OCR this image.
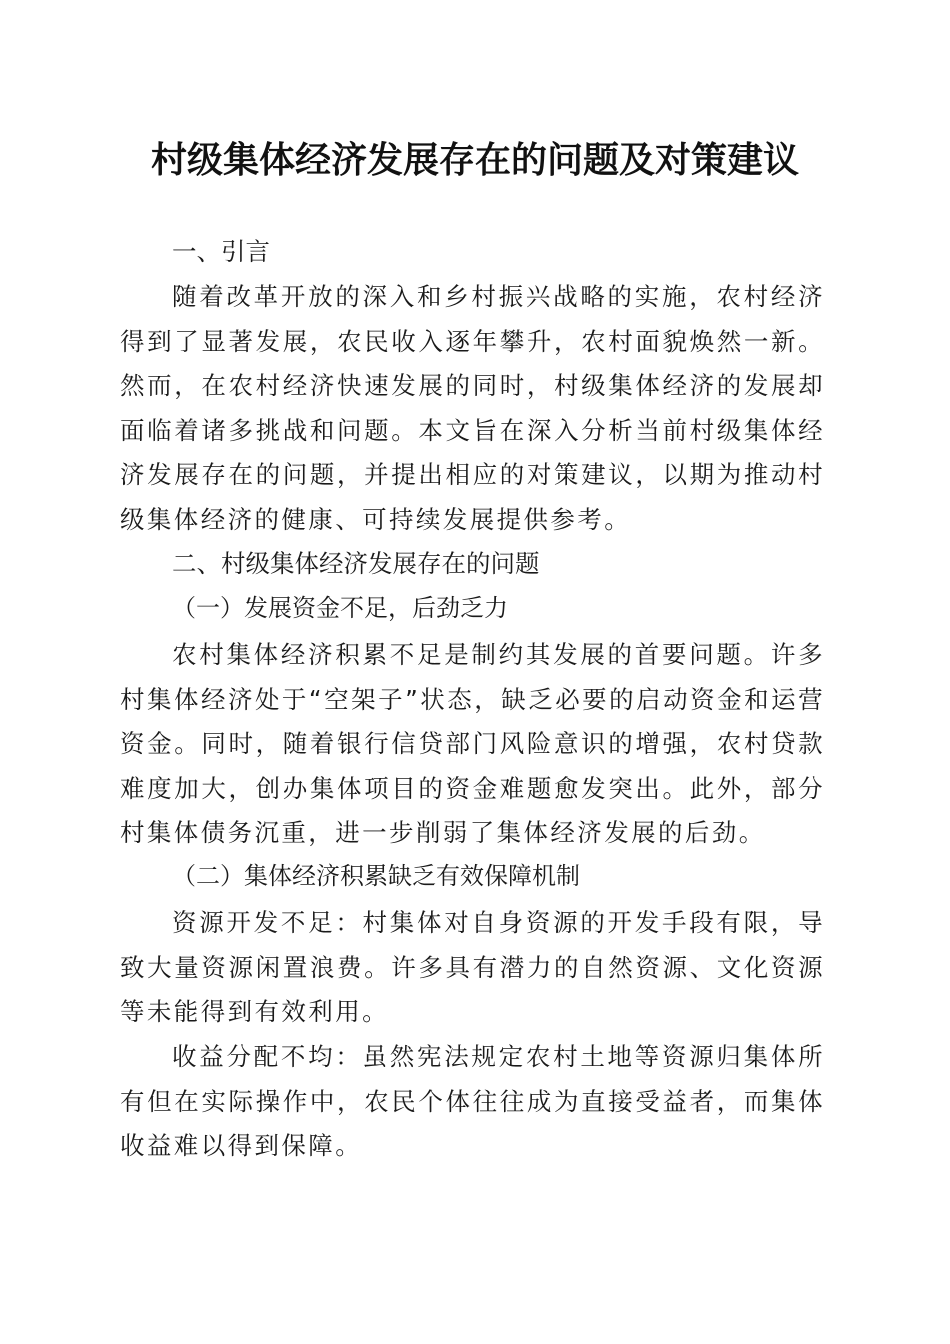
村级集体经济发展存在的问题及对策建议
一、引言
随着改革开放的深入和乡村振兴战略的实施，农村经济得到了显著发展，农民收入逐年攀升，农村面貌焕然一新。然而，在农村经济快速发展的同时，村级集体经济的发展却面临着诸多挑战和问题。本文旨在深入分析当前村级集体经济发展存在的问题，并提出相应的对策建议，以期为推动村级集体经济的健康、可持续发展提供参考。
二、村级集体经济发展存在的问题
（一）发展资金不足，后劲乏力
农村集体经济积累不足是制约其发展的首要问题。许多村集体经济处于“空架子”状态，缺乏必要的启动资金和运营资金。同时，随着银行信贷部门风险意识的增强，农村贷款难度加大，创办集体项目的资金难题愈发突出。此外，部分村集体债务沉重，进一步削弱了集体经济发展的后劲。
（二）集体经济积累缺乏有效保障机制
资源开发不足：村集体对自身资源的开发手段有限，导致大量资源闲置浪费。许多具有潜力的自然资源、文化资源等未能得到有效利用。
收益分配不均：虽然宪法规定农村土地等资源归集体所有但在实际操作中，农民个体往往成为直接受益者，而集体收益难以得到保障。
